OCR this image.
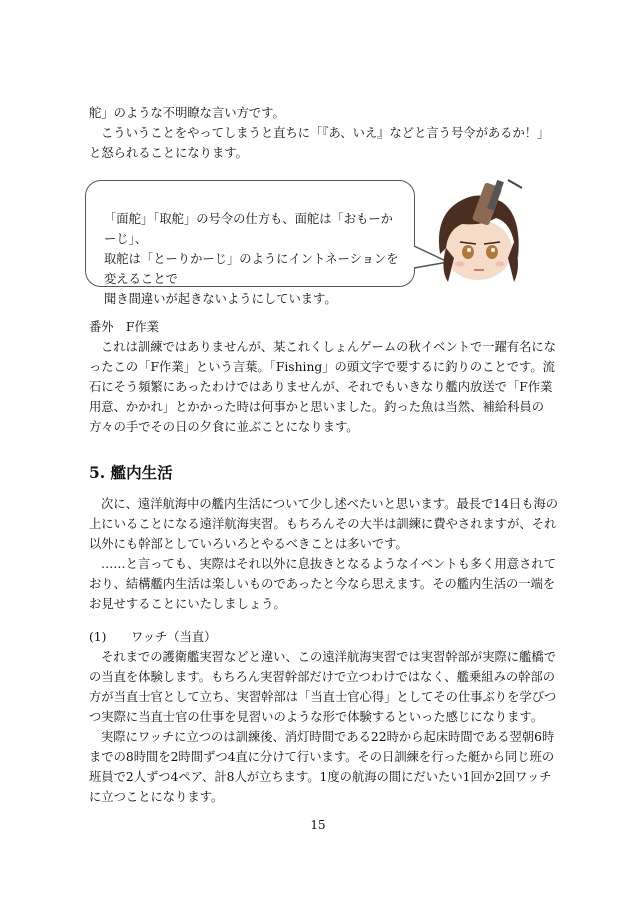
舵」のような不明瞭な言い方です。

こういうことをやってしまうと直ちに「『あ、いえ』などと言う号令があるか！」と怒られることになります。

「面舵」「取舵」の号令の仕方も、面舵は「おもーかーじ」、
取舵は「とーりかーじ」のようにイントネーションを変えることで
聞き間違いが起きないようにしています。

番外　F作業

これは訓練ではありませんが、某これくしょんゲームの秋イベントで一躍有名になったこの「F作業」という言葉。「Fishing」の頭文字で要するに釣りのことです。流石にそう頻繁にあったわけではありませんが、それでもいきなり艦内放送で「F作業用意、かかれ」とかかった時は何事かと思いました。釣った魚は当然、補給科員の方々の手でその日の夕食に並ぶことになります。

5. 艦内生活

次に、遠洋航海中の艦内生活について少し述べたいと思います。最長で14日も海の上にいることになる遠洋航海実習。もちろんその大半は訓練に費やされますが、それ以外にも幹部としていろいろとやるべきことは多いです。

……と言っても、実際はそれ以外に息抜きとなるようなイベントも多く用意されており、結構艦内生活は楽しいものであったと今なら思えます。その艦内生活の一端をお見せすることにいたしましょう。

(1) ワッチ（当直）

それまでの護衛艦実習などと違い、この遠洋航海実習では実習幹部が実際に艦橋での当直を体験します。もちろん実習幹部だけで立つわけではなく、艦乗組みの幹部の方が当直士官として立ち、実習幹部は「当直士官心得」としてその仕事ぶりを学びつつ実際に当直士官の仕事を見習いのような形で体験するといった感じになります。

実際にワッチに立つのは訓練後、消灯時間である22時から起床時間である翌朝6時までの8時間を2時間ずつ4直に分けて行います。その日訓練を行った艇から同じ班の班員で2人ずつ4ペア、計8人が立ちます。1度の航海の間にだいたい1回か2回ワッチに立つことになります。

15
